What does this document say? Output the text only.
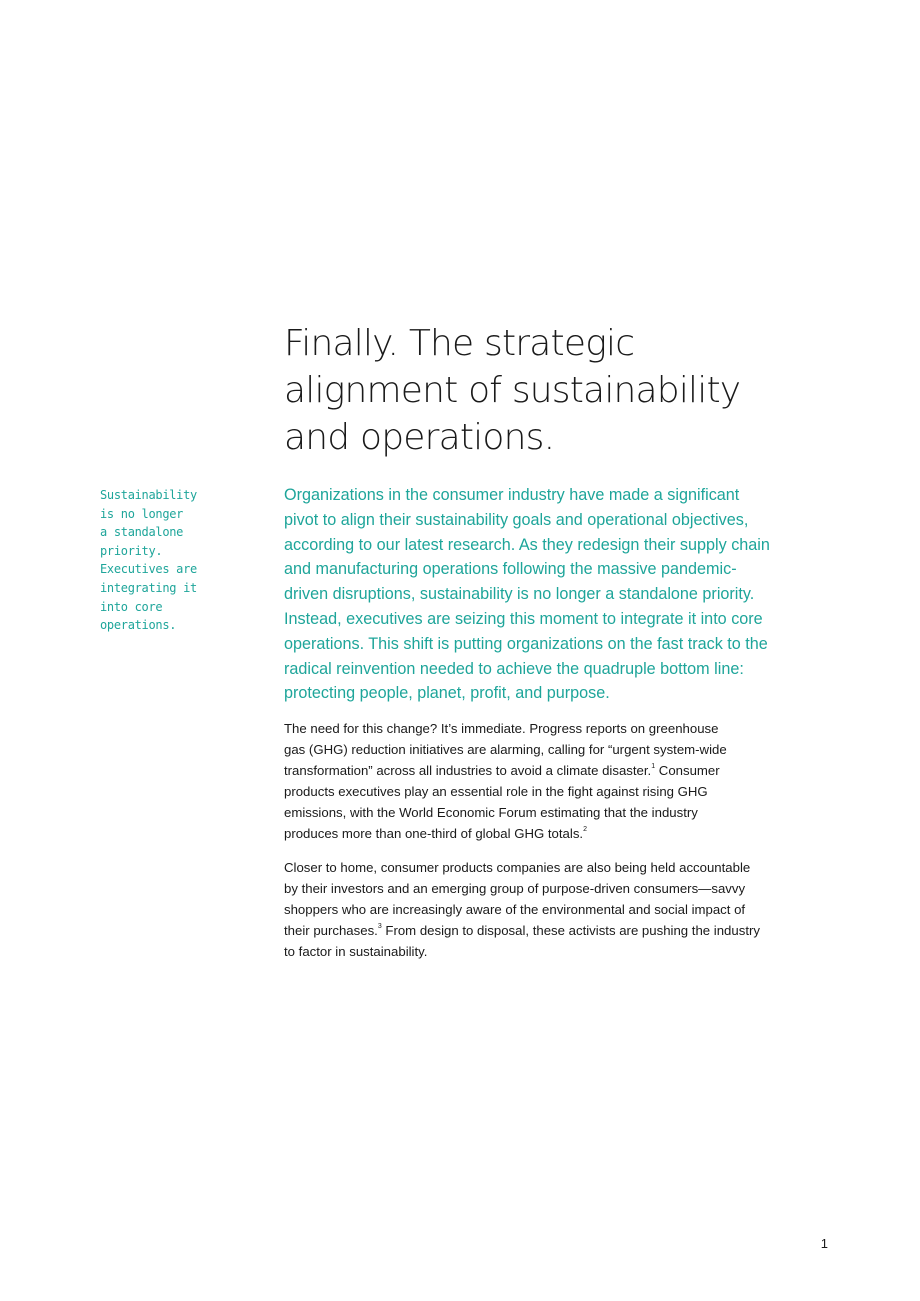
Finally. The strategic
alignment of sustainability
and operations.
Sustainability
is no longer
a standalone
priority.
Executives are
integrating it
into core
operations.

Organizations in the consumer industry have made a significant
pivot to align their sustainability goals and operational objectives,
according to our latest research. As they redesign their supply chain
and manufacturing operations following the massive pandemic-
driven disruptions, sustainability is no longer a standalone priority.
Instead, executives are seizing this moment to integrate it into core
operations. This shift is putting organizations on the fast track to the
radical reinvention needed to achieve the quadruple bottom line:
protecting people, planet, profit, and purpose.

The need for this change? It’s immediate. Progress reports on greenhouse
gas (GHG) reduction initiatives are alarming, calling for “urgent system-wide
transformation” across all industries to avoid a climate disaster.$^1$ Consumer
products executives play an essential role in the fight against rising GHG
emissions, with the World Economic Forum estimating that the industry
produces more than one-third of global GHG totals.$^2$

Closer to home, consumer products companies are also being held accountable
by their investors and an emerging group of purpose-driven consumers—savvy
shoppers who are increasingly aware of the environmental and social impact of
their purchases.$^3$ From design to disposal, these activists are pushing the industry
to factor in sustainability.

1
